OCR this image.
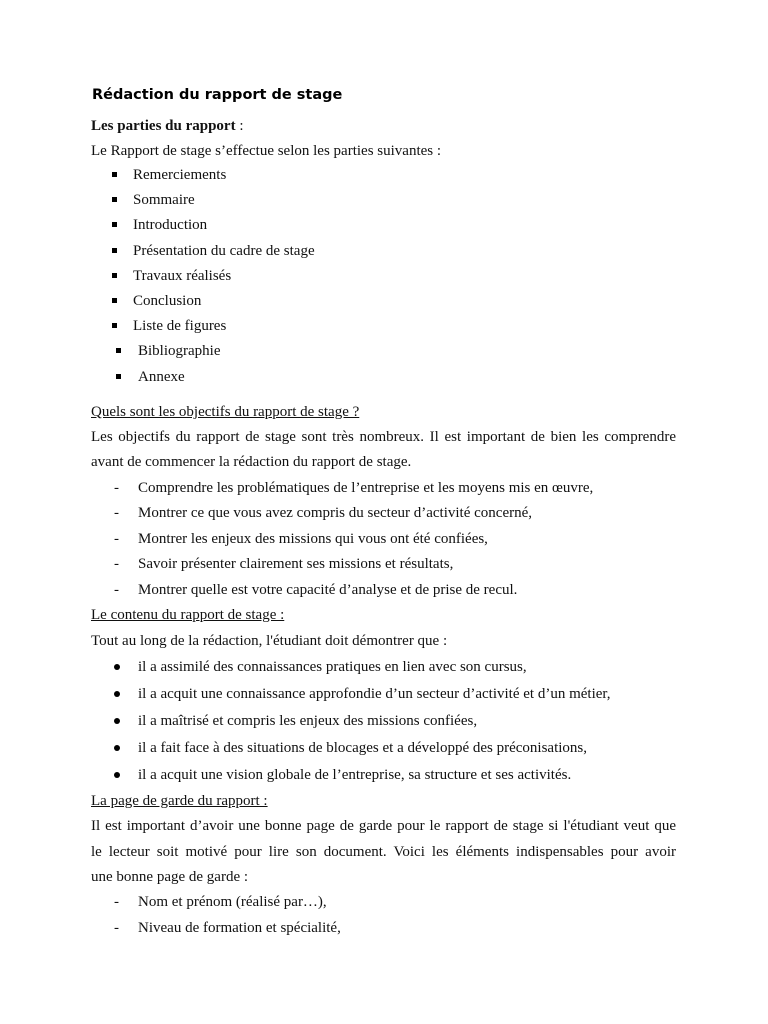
Rédaction du rapport de stage
Les parties du rapport :
Le Rapport de stage s’effectue selon les parties suivantes :
Remerciements
Sommaire
Introduction
Présentation du cadre de stage
Travaux réalisés
Conclusion
Liste de figures
Bibliographie
Annexe
Quels sont les objectifs du rapport de stage ?
Les objectifs du rapport de stage sont très nombreux. Il est important de bien les comprendre
avant de commencer la rédaction du rapport de stage.
- Comprendre les problématiques de l’entreprise et les moyens mis en œuvre,
- Montrer ce que vous avez compris du secteur d’activité concerné,
- Montrer les enjeux des missions qui vous ont été confiées,
- Savoir présenter clairement ses missions et résultats,
- Montrer quelle est votre capacité d’analyse et de prise de recul.
Le contenu du rapport de stage :
Tout au long de la rédaction, l'étudiant doit démontrer que :
il a assimilé des connaissances pratiques en lien avec son cursus,
il a acquit une connaissance approfondie d’un secteur d’activité et d’un métier,
il a maîtrisé et compris les enjeux des missions confiées,
il a fait face à des situations de blocages et a développé des préconisations,
il a acquit une vision globale de l’entreprise, sa structure et ses activités.
La page de garde du rapport :
Il est important d’avoir une bonne page de garde pour le rapport de stage si l'étudiant veut que
le lecteur soit motivé pour lire son document. Voici les éléments indispensables pour avoir
une bonne page de garde :
- Nom et prénom (réalisé par…),
- Niveau de formation et spécialité,
